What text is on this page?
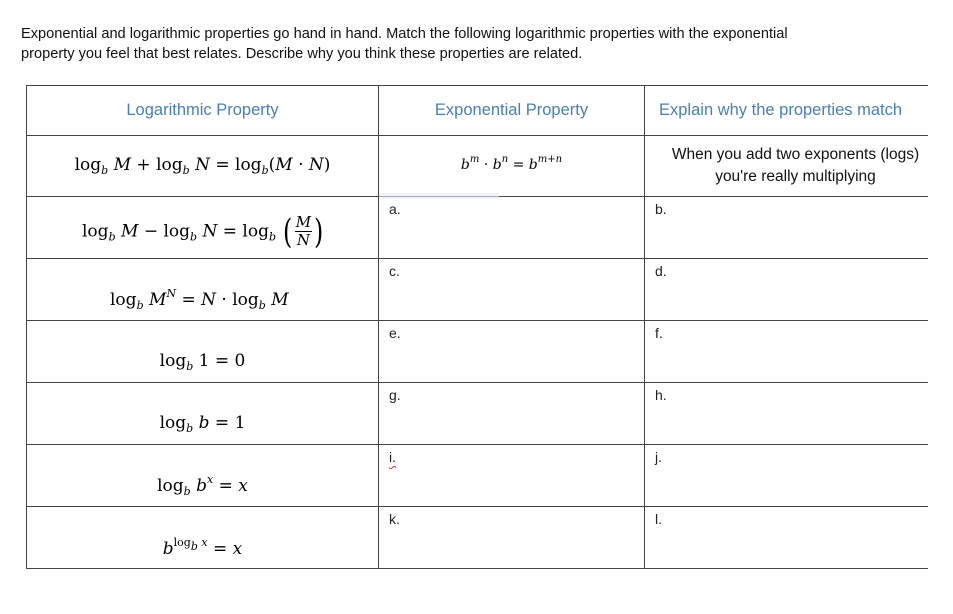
Exponential and logarithmic properties go hand in hand. Match the following logarithmic properties with the exponential
property you feel that best relates. Describe why you think these properties are related.
Logarithmic Property	Exponential Property	Explain why the properties match

$\log_b M + \log_b N = \log_b(M \cdot N)$	$b^m \cdot b^n = b^{m+n}$	When you add two exponents (logs)
you're really multiplying

$\log_b M - \log_b N = \log_b$ ( $\frac{M}{N}$ )	a.	b.

$\log_b M^N = N \cdot \log_b M$	c.	d.

$\log_b 1 = 0$	e.	f.

$\log_b b = 1$	g.	h.

$\log_b b^x = x$	i.	j.

$b^{log_b x} = x$	k.	l.
